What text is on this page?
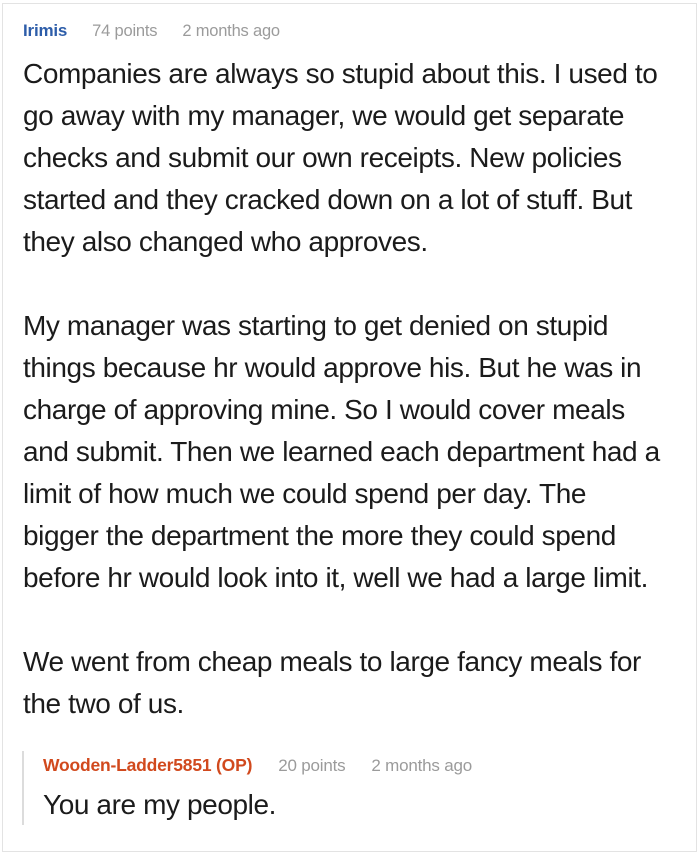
Irimis 74 points 2 months ago

Companies are always so stupid about this. I used to go away with my manager, we would get separate checks and submit our own receipts. New policies started and they cracked down on a lot of stuff. But they also changed who approves.

My manager was starting to get denied on stupid things because hr would approve his. But he was in charge of approving mine. So I would cover meals and submit. Then we learned each department had a limit of how much we could spend per day. The bigger the department the more they could spend before hr would look into it, well we had a large limit.

We went from cheap meals to large fancy meals for the two of us.

Wooden-Ladder5851 (OP) 20 points 2 months ago

You are my people.
